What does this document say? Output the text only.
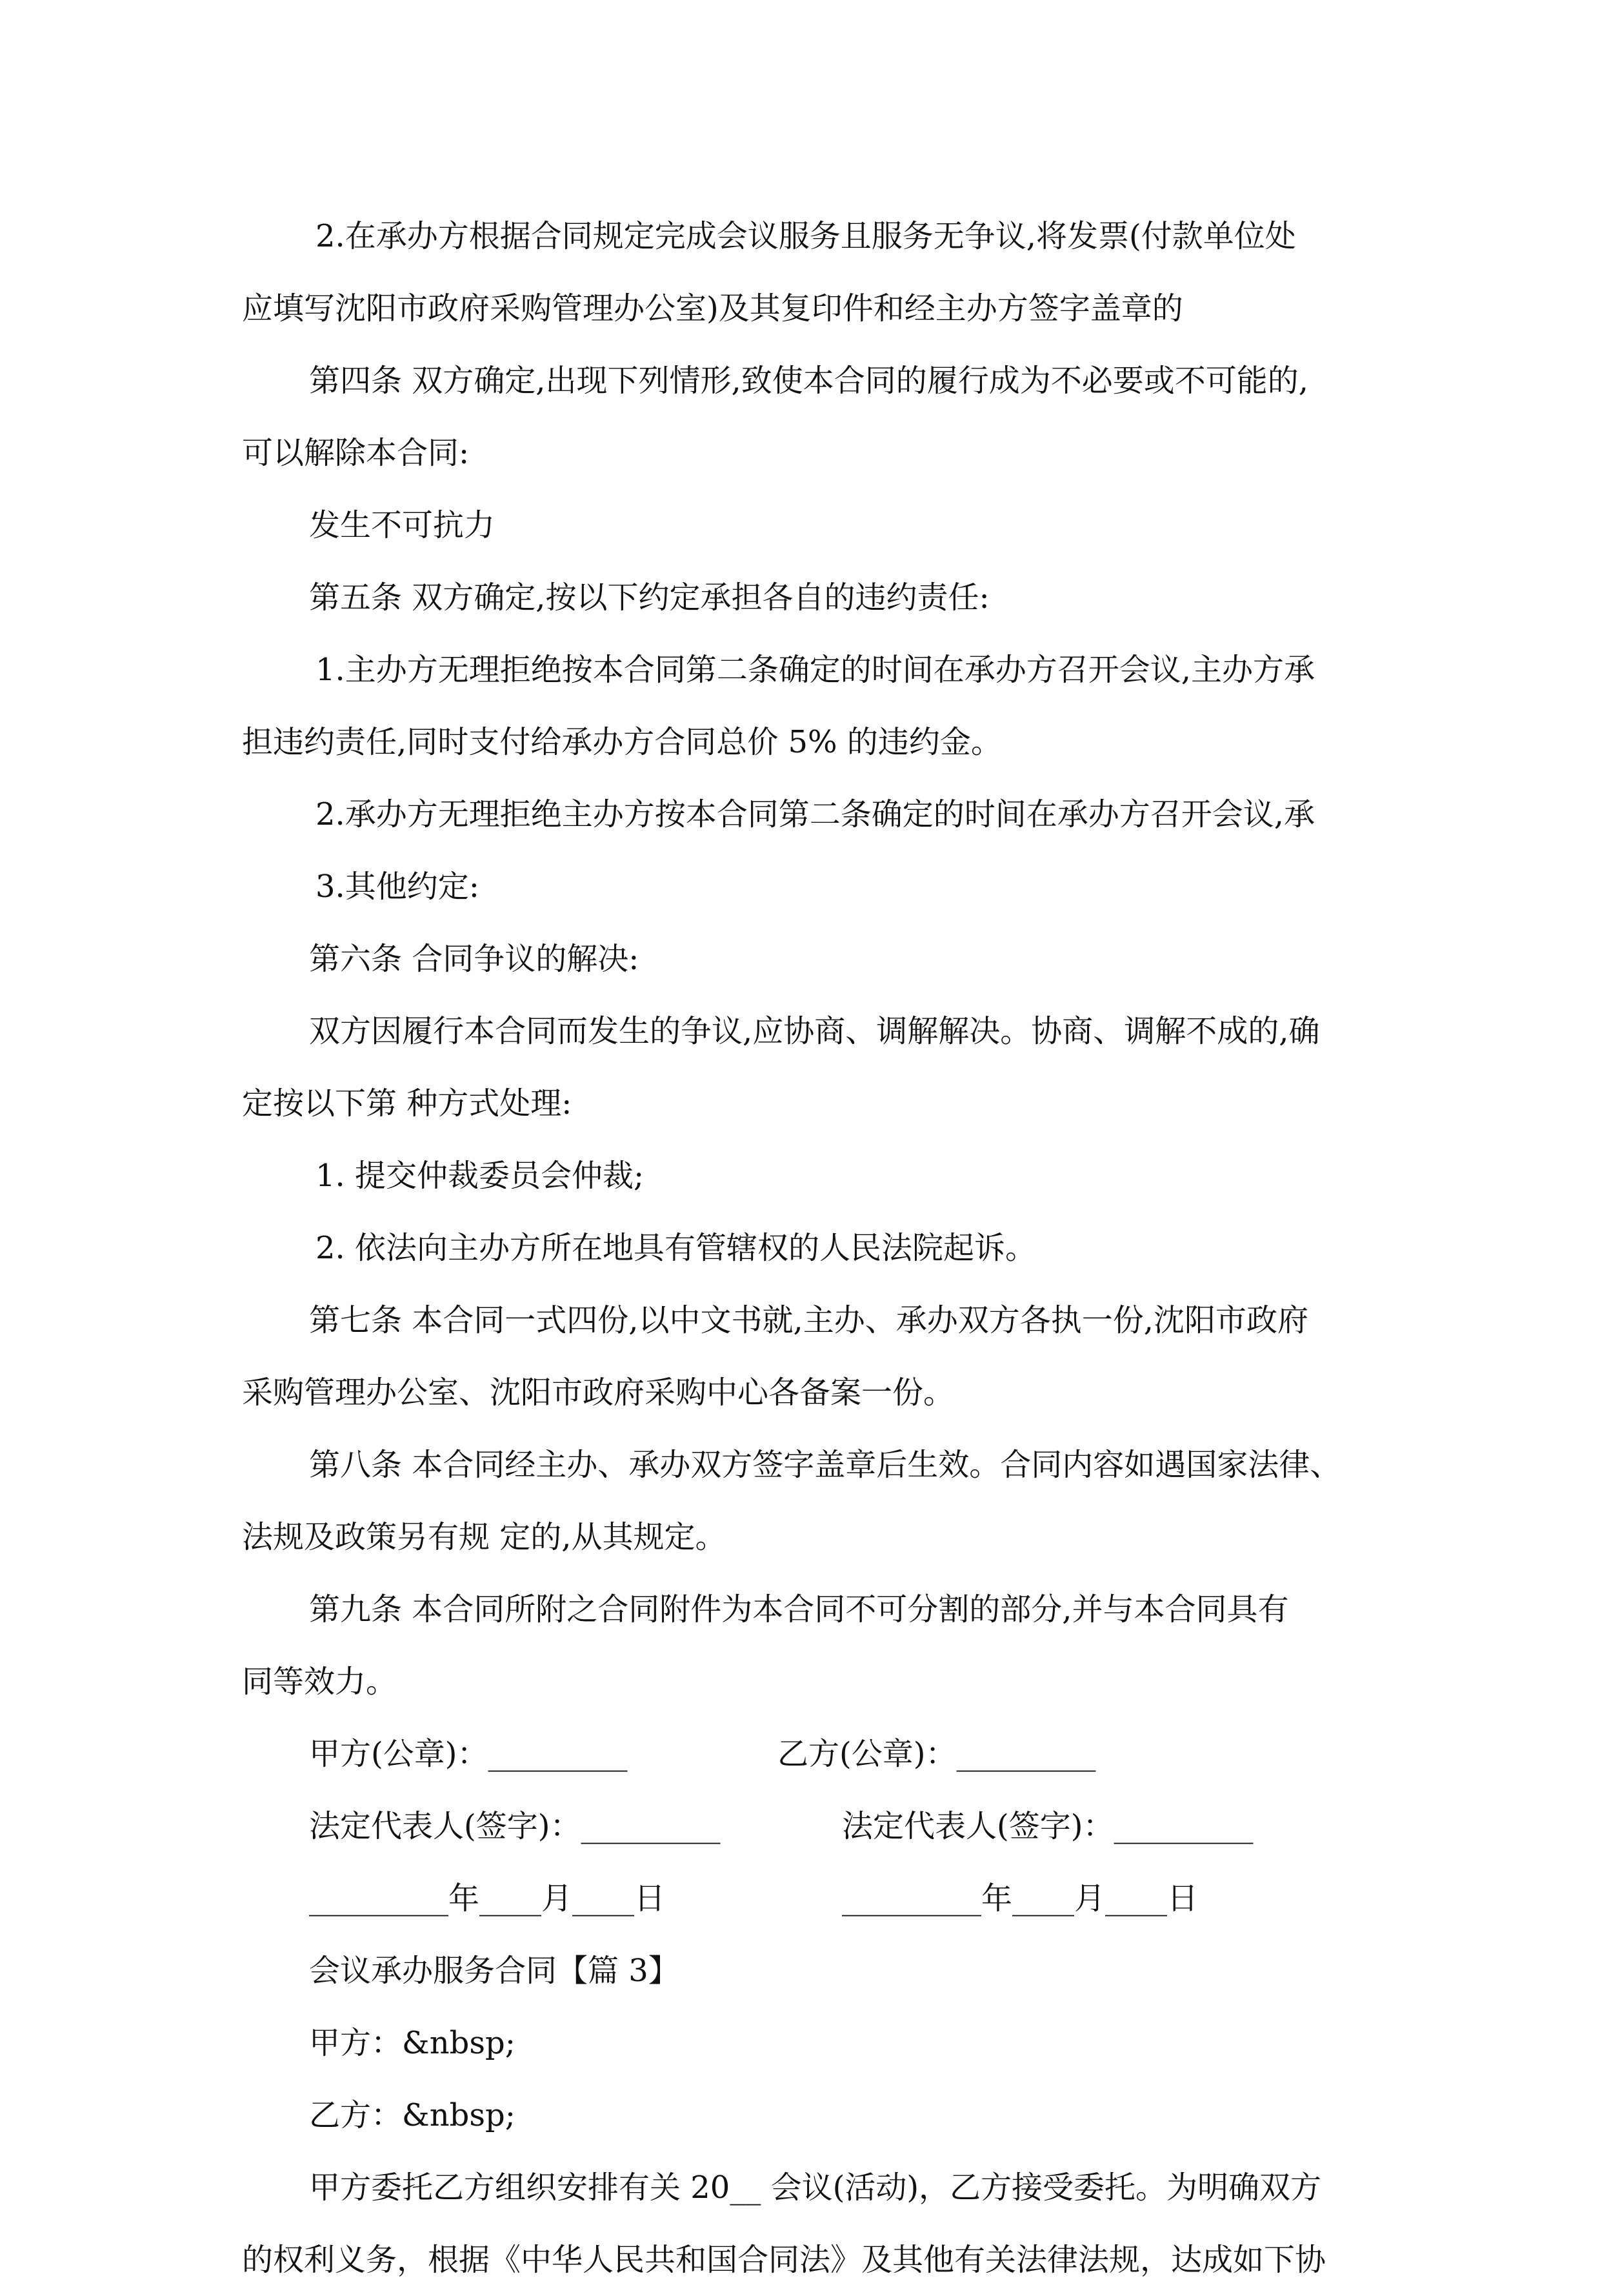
2.在承办方根据合同规定完成会议服务且服务无争议,将发票(付款单位处

应填写沈阳市政府采购管理办公室)及其复印件和经主办方签字盖章的

第四条 双方确定,出现下列情形,致使本合同的履行成为不必要或不可能的,

可以解除本合同:

发生不可抗力

第五条 双方确定,按以下约定承担各自的违约责任:

1.主办方无理拒绝按本合同第二条确定的时间在承办方召开会议,主办方承

担违约责任,同时支付给承办方合同总价 5% 的违约金。

2.承办方无理拒绝主办方按本合同第二条确定的时间在承办方召开会议,承

3.其他约定:

第六条 合同争议的解决:

双方因履行本合同而发生的争议,应协商、调解解决。协商、调解不成的,确

定按以下第 种方式处理:

1. 提交仲裁委员会仲裁;

2. 依法向主办方所在地具有管辖权的人民法院起诉。

第七条 本合同一式四份,以中文书就,主办、承办双方各执一份,沈阳市政府

采购管理办公室、沈阳市政府采购中心各备案一份。

第八条 本合同经主办、承办双方签字盖章后生效。合同内容如遇国家法律、

法规及政策另有规 定的,从其规定。

第九条 本合同所附之合同附件为本合同不可分割的部分,并与本合同具有

同等效力。

甲方(公章)：_________	乙方(公章)：_________
法定代表人(签字)：_________	法定代表人(签字)：_________
_________年____月____日	_________年____月____日

会议承办服务合同【篇 3】

甲方：&nbsp;

乙方：&nbsp;

甲方委托乙方组织安排有关 20__ 会议(活动)，乙方接受委托。为明确双方

的权利义务，根据《中华人民共和国合同法》及其他有关法律法规，达成如下协
